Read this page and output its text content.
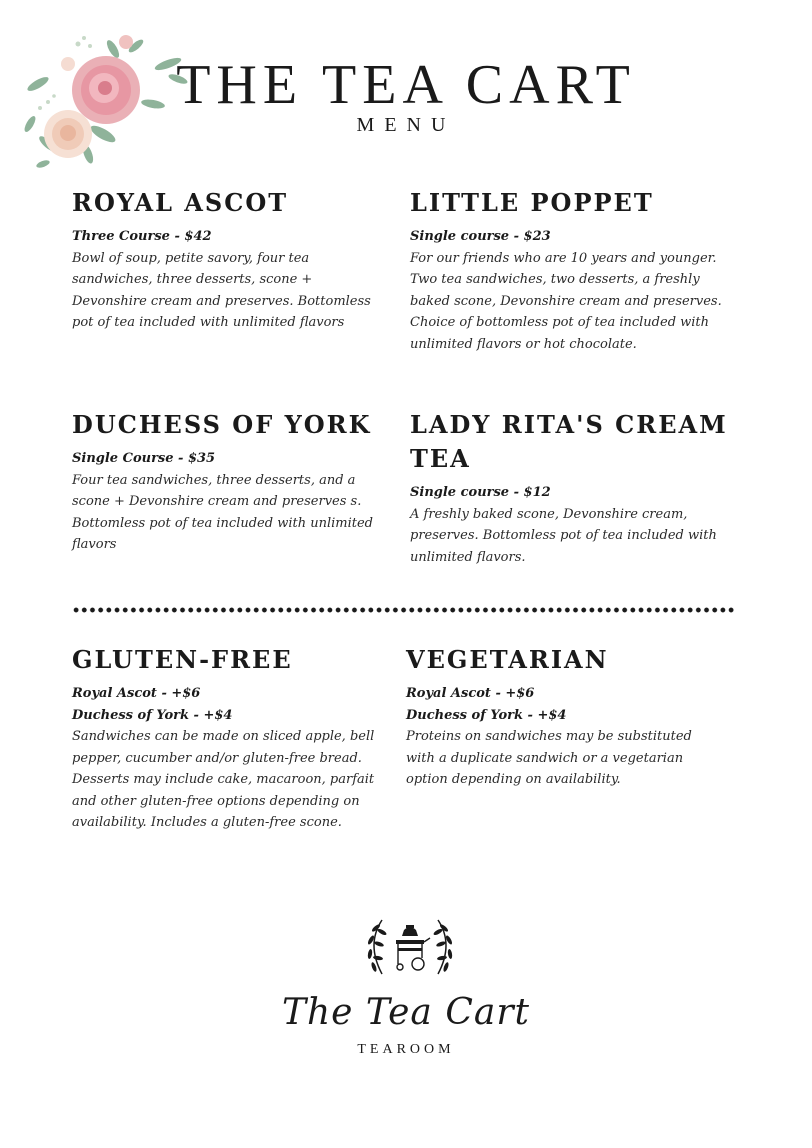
THE TEA CART
MENU
ROYAL ASCOT
Three Course - $42

Bowl of soup, petite savory, four tea sandwiches, three desserts, scone + Devonshire cream and preserves. Bottomless pot of tea included with unlimited flavors

LITTLE POPPET
Single course - $23

For our friends who are 10 years and younger. Two tea sandwiches, two desserts, a freshly baked scone, Devonshire cream and preserves. Choice of bottomless pot of tea included with unlimited flavors or hot chocolate.

DUCHESS OF YORK
Single Course - $35

Four tea sandwiches, three desserts, and a scone + Devonshire cream and preserves s. Bottomless pot of tea included with unlimited flavors

LADY RITA'S CREAM TEA
Single course - $12

A freshly baked scone, Devonshire cream, preserves. Bottomless pot of tea included with unlimited flavors.

GLUTEN-FREE
Royal Ascot - +$6
Duchess of York - +$4

Sandwiches can be made on sliced apple, bell pepper, cucumber and/or gluten-free bread. Desserts may include cake, macaroon, parfait and other gluten-free options depending on availability. Includes a gluten-free scone.

VEGETARIAN
Royal Ascot - +$6
Duchess of York - +$4

Proteins on sandwiches may be substituted with a duplicate sandwich or a vegetarian option depending on availability.

The Tea Cart
TEAROOM
